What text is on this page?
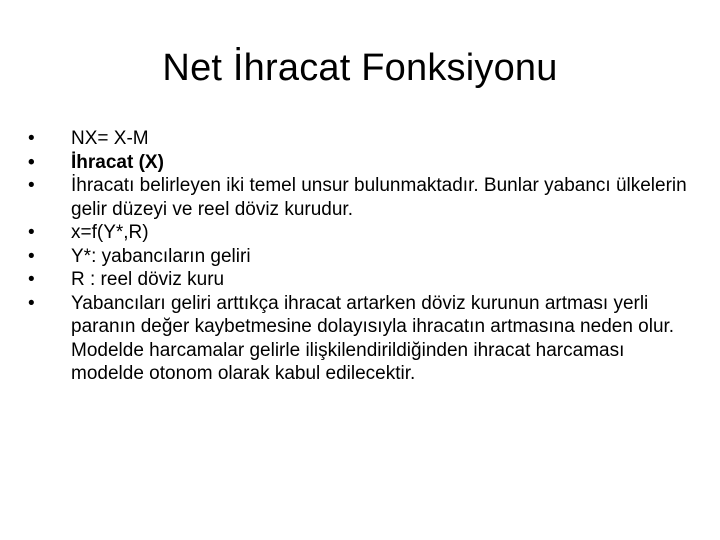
Net İhracat Fonksiyonu
•	NX= X-M
•	İhracat (X)
•	İhracatı belirleyen iki temel unsur bulunmaktadır. Bunlar yabancı ülkelerin gelir düzeyi ve reel döviz kurudur.
•	x=f(Y*,R)
•	Y*: yabancıların geliri
•	R : reel döviz kuru
•	Yabancıları geliri arttıkça ihracat artarken döviz kurunun artması yerli paranın değer kaybetmesine dolayısıyla ihracatın artmasına neden olur. Modelde harcamalar gelirle ilişkilendirildiğinden ihracat harcaması modelde otonom olarak kabul edilecektir.
